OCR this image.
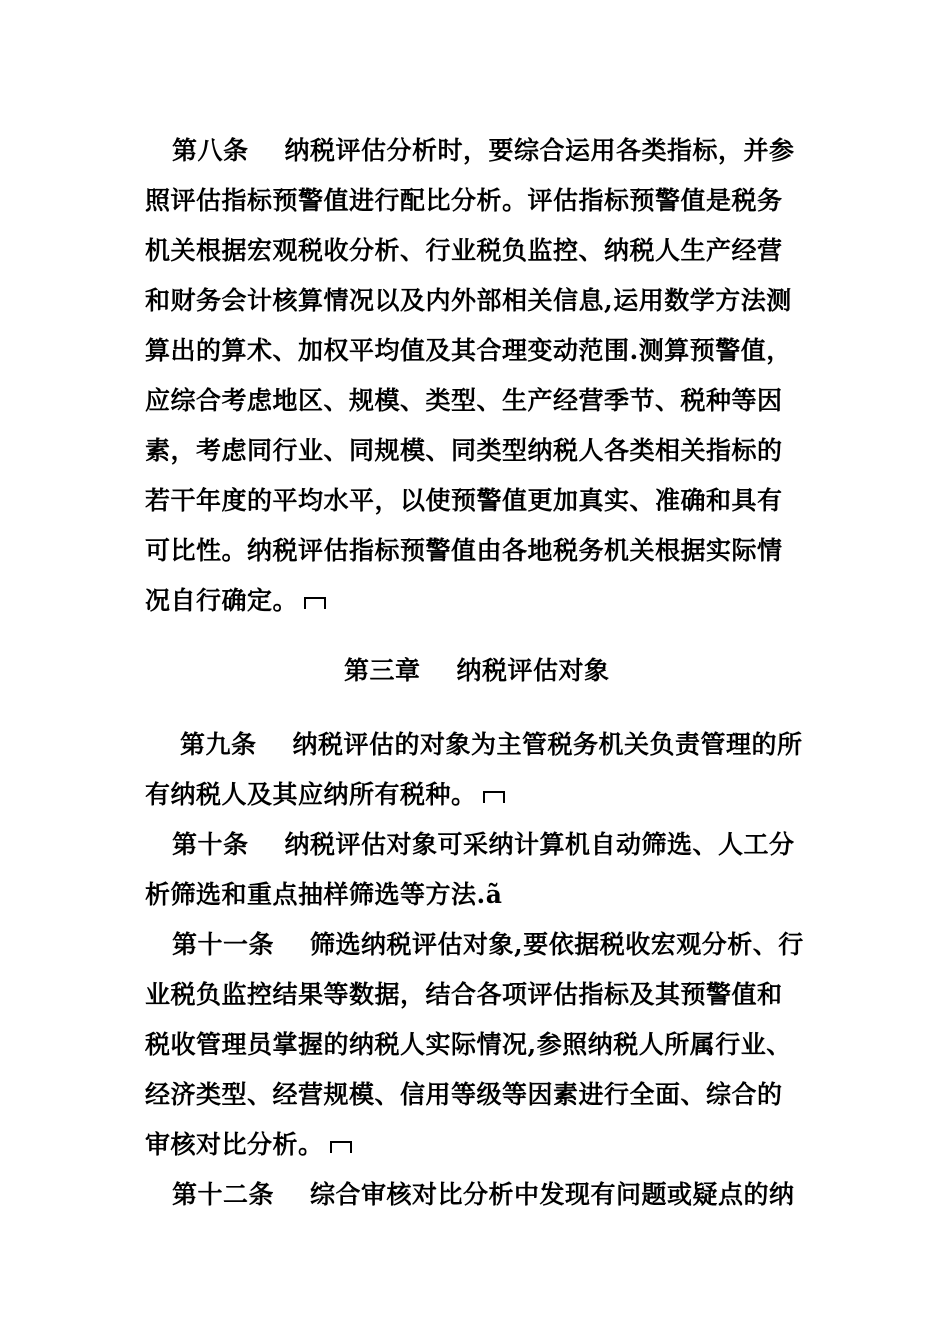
第八条 纳税评估分析时，要综合运用各类指标，并参
照评估指标预警值进行配比分析。评估指标预警值是税务
机关根据宏观税收分析、行业税负监控、纳税人生产经营
和财务会计核算情况以及内外部相关信息,运用数学方法测
算出的算术、加权平均值及其合理变动范围.测算预警值，
应综合考虑地区、规模、类型、生产经营季节、税种等因
素，考虑同行业、同规模、同类型纳税人各类相关指标的
若干年度的平均水平，以使预警值更加真实、准确和具有
可比性。纳税评估指标预警值由各地税务机关根据实际情
况自行确定。
第三章 纳税评估对象
第九条 纳税评估的对象为主管税务机关负责管理的所
有纳税人及其应纳所有税种。
第十条 纳税评估对象可采纳计算机自动筛选、人工分
析筛选和重点抽样筛选等方法.ã
第十一条 筛选纳税评估对象,要依据税收宏观分析、行
业税负监控结果等数据，结合各项评估指标及其预警值和
税收管理员掌握的纳税人实际情况,参照纳税人所属行业、
经济类型、经营规模、信用等级等因素进行全面、综合的
审核对比分析。
第十二条 综合审核对比分析中发现有问题或疑点的纳
